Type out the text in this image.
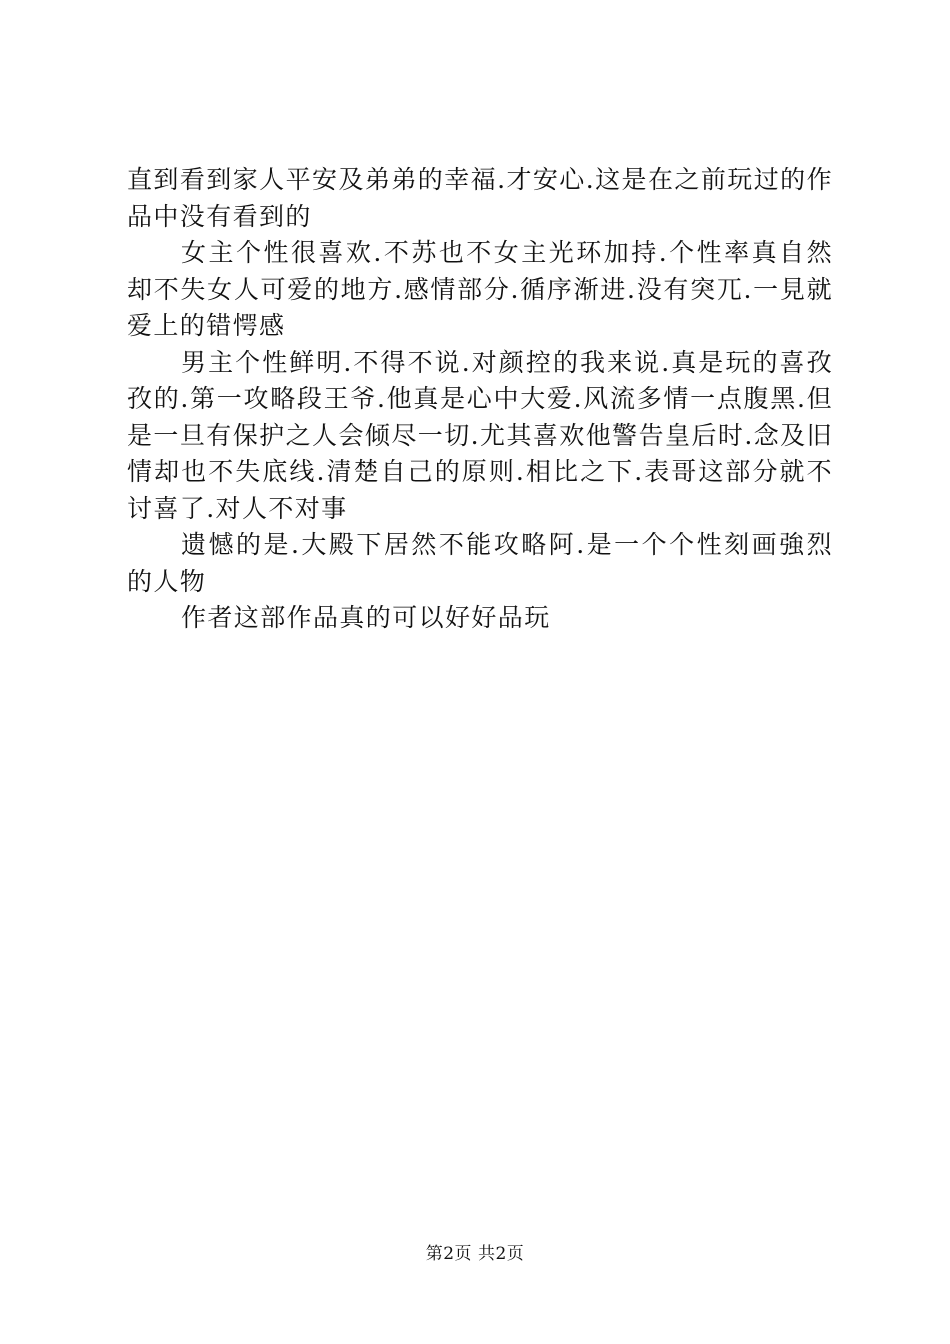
直到看到家人平安及弟弟的幸福.才安心.这是在之前玩过的作品中没有看到的

女主个性很喜欢.不苏也不女主光环加持.个性率真自然却不失女人可爱的地方.感情部分.循序渐进.没有突兀.一見就爱上的错愕感

男主个性鲜明.不得不说.对颜控的我来说.真是玩的喜孜孜的.第一攻略段王爷.他真是心中大爱.风流多情一点腹黑.但是一旦有保护之人会倾尽一切.尤其喜欢他警告皇后时.念及旧情却也不失底线.清楚自己的原则.相比之下.表哥这部分就不讨喜了.对人不对事

遗憾的是.大殿下居然不能攻略阿.是一个个性刻画強烈的人物

作者这部作品真的可以好好品玩

第2页 共2页
